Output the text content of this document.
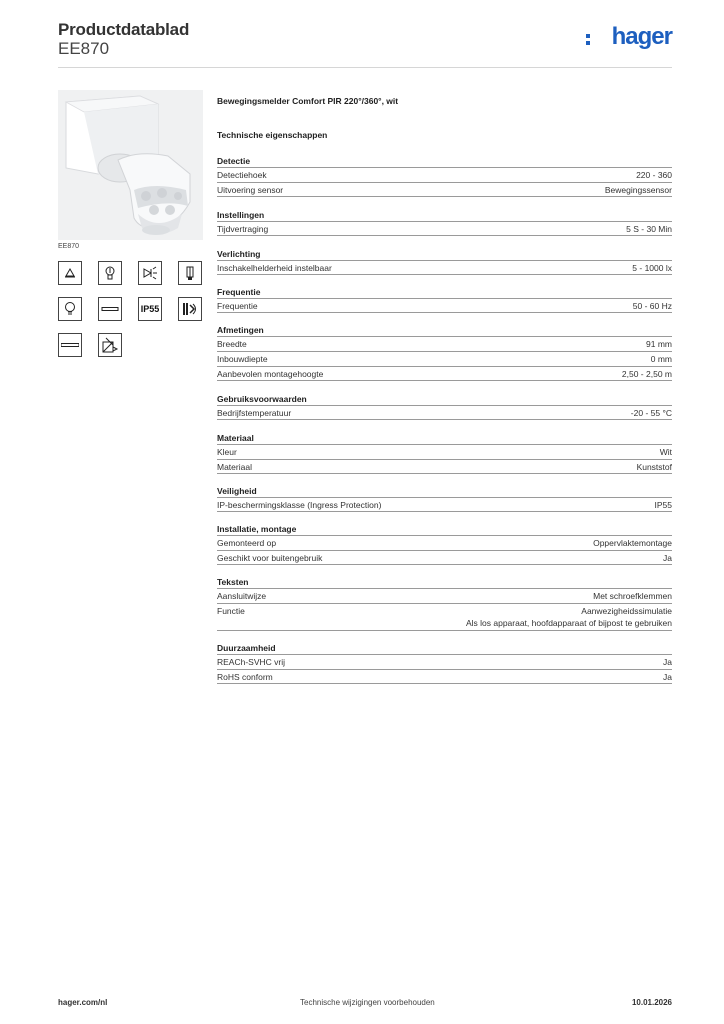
Productdatablad
EE870	hager
EE870
IP55
Bewegingsmelder Comfort PIR 220°/360°, wit
Technische eigenschappen
Detectie
Detectiehoek	220 - 360
Uitvoering sensor	Bewegingssensor
Instellingen
Tijdvertraging	5 S - 30 Min
Verlichting
Inschakelhelderheid instelbaar	5 - 1000 lx
Frequentie
Frequentie	50 - 60 Hz
Afmetingen
Breedte	91 mm
Inbouwdiepte	0 mm
Aanbevolen montagehoogte	2,50 - 2,50 m
Gebruiksvoorwaarden
Bedrijfstemperatuur	-20 - 55 °C
Materiaal
Kleur	Wit
Materiaal	Kunststof
Veiligheid
IP-beschermingsklasse (Ingress Protection)	IP55
Installatie, montage
Gemonteerd op	Oppervlaktemontage
Geschikt voor buitengebruik	Ja
Teksten
Aansluitwijze	Met schroefklemmen
Functie	Aanwezigheidssimulatie
Als los apparaat, hoofdapparaat of bijpost te gebruiken
Duurzaamheid
REACh-SVHC vrij	Ja
RoHS conform	Ja
hager.com/nl	Technische wijzigingen voorbehouden	10.01.2026
